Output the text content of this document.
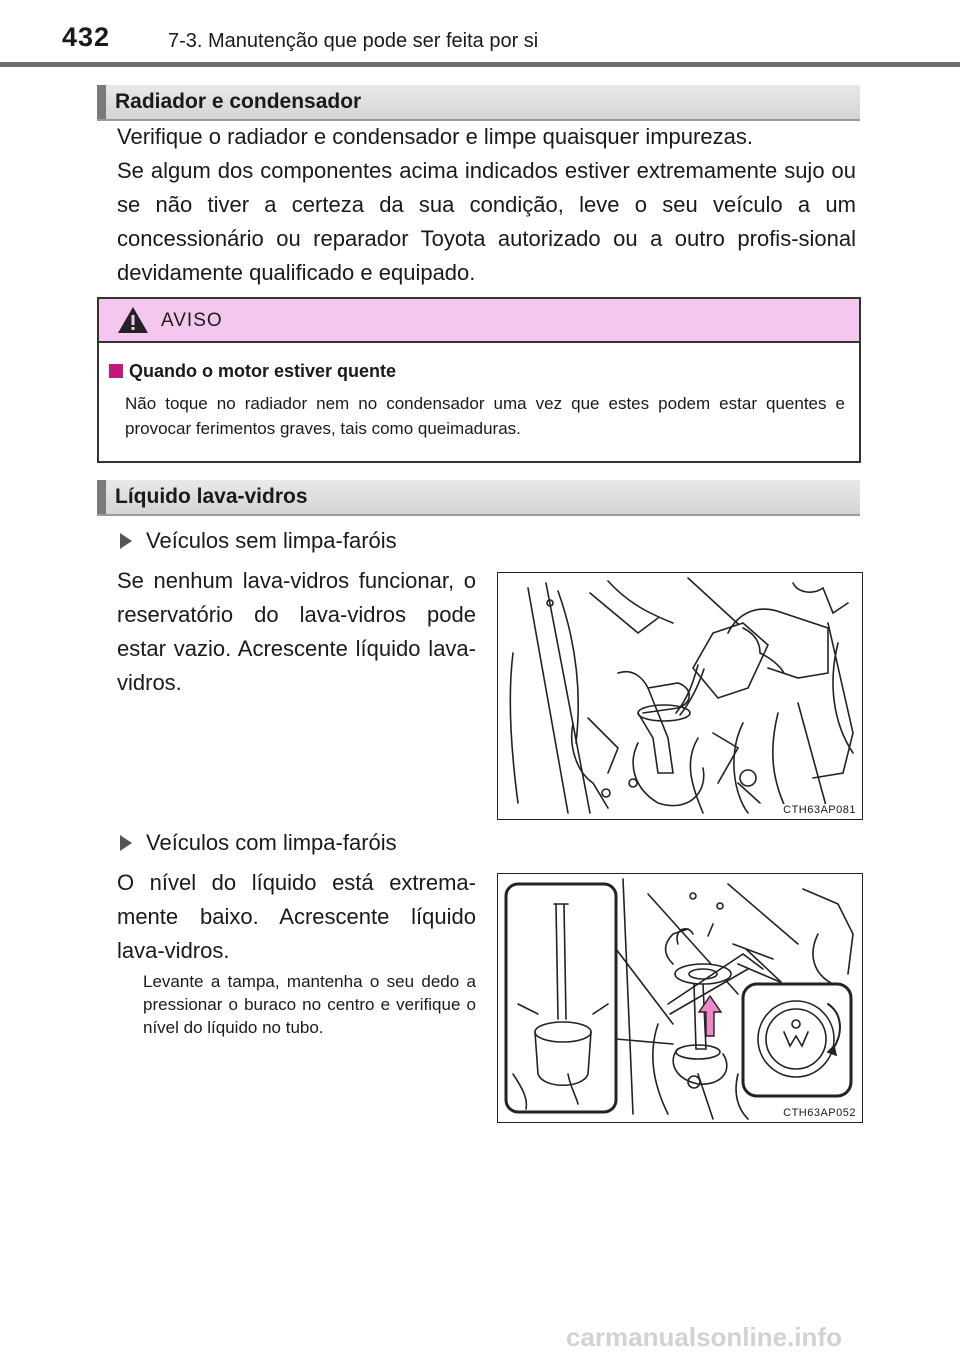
432	7-3. Manutenção que pode ser feita por si
Radiador e condensador

Verifique o radiador e condensador e limpe quaisquer impurezas.

Se algum dos componentes acima indicados estiver extremamente sujo ou se não tiver a certeza da sua condição, leve o seu veículo a um concessionário ou reparador Toyota autorizado ou a outro profis-sional devidamente qualificado e equipado.

AVISO
Quando o motor estiver quente
Não toque no radiador nem no condensador uma vez que estes podem estar quentes e provocar ferimentos graves, tais como queimaduras.
Líquido lava-vidros
Veículos sem limpa-faróis
Se nenhum lava-vidros funcionar, o reservatório do lava-vidros pode estar vazio. Acrescente líquido lava-vidros.
CTH63AP081
Veículos com limpa-faróis
O nível do líquido está extrema-mente baixo. Acrescente líquido lava-vidros.
Levante a tampa, mantenha o seu dedo a pressionar o buraco no centro e verifique o nível do líquido no tubo.
CTH63AP052
carmanualsonline.info
